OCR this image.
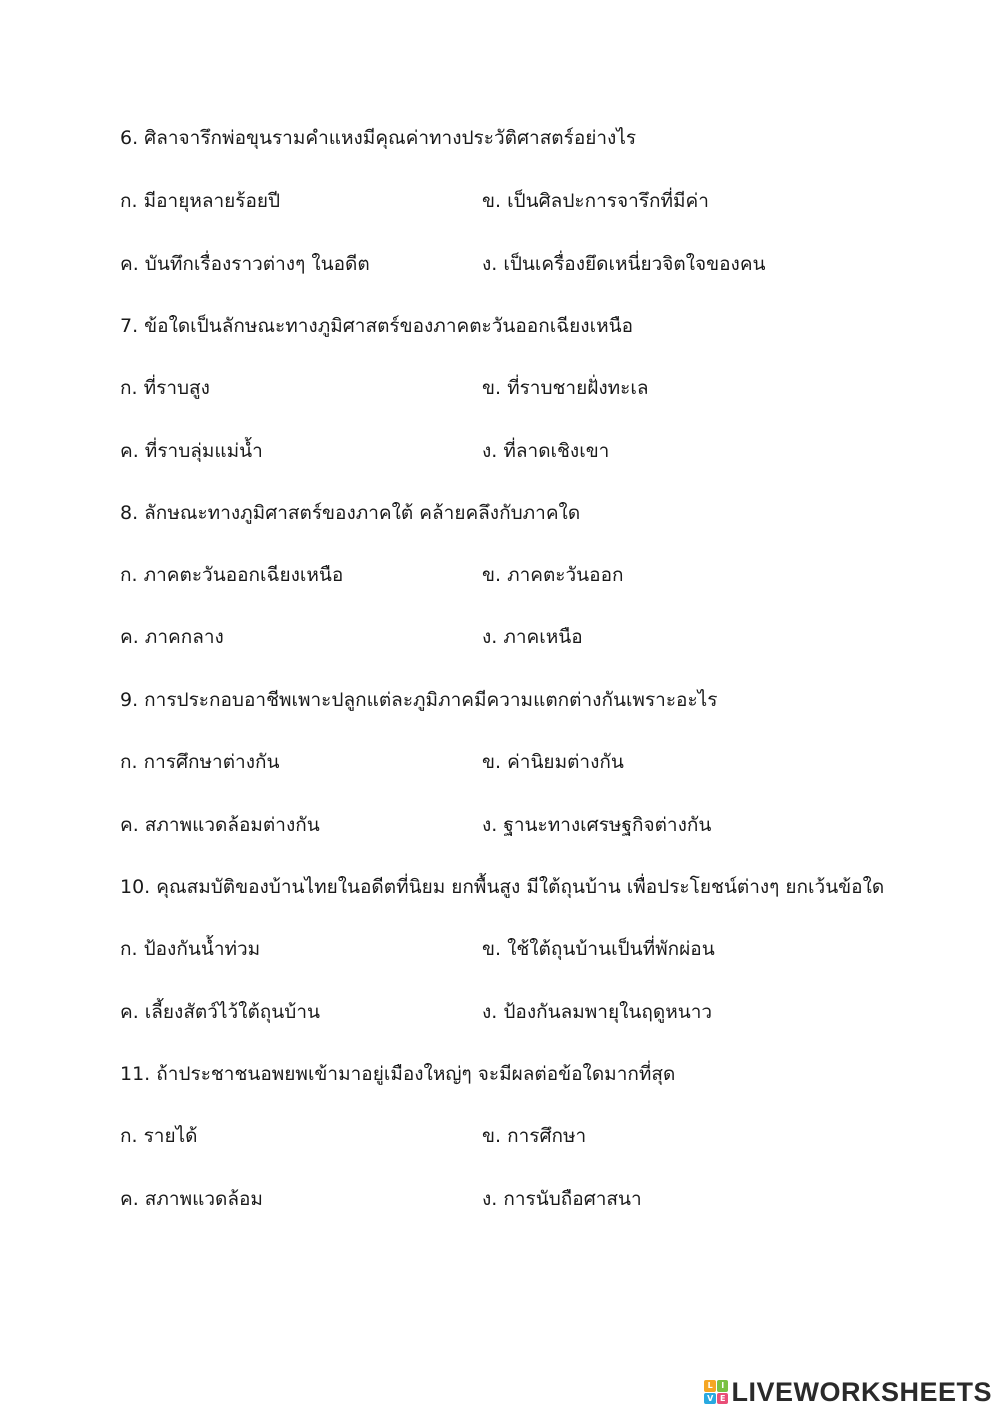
6. ศิลาจารึกพ่อขุนรามคำแหงมีคุณค่าทางประวัติศาสตร์อย่างไร
ก. มีอายุหลายร้อยปี	ข. เป็นศิลปะการจารึกที่มีค่า
ค. บันทึกเรื่องราวต่างๆ ในอดีต	ง. เป็นเครื่องยึดเหนี่ยวจิตใจของคน
7. ข้อใดเป็นลักษณะทางภูมิศาสตร์ของภาคตะวันออกเฉียงเหนือ
ก. ที่ราบสูง	ข. ที่ราบชายฝั่งทะเล
ค. ที่ราบลุ่มแม่น้ำ	ง. ที่ลาดเชิงเขา
8. ลักษณะทางภูมิศาสตร์ของภาคใต้ คล้ายคลึงกับภาคใด
ก. ภาคตะวันออกเฉียงเหนือ	ข. ภาคตะวันออก
ค. ภาคกลาง	ง. ภาคเหนือ
9. การประกอบอาชีพเพาะปลูกแต่ละภูมิภาคมีความแตกต่างกันเพราะอะไร
ก. การศึกษาต่างกัน	ข. ค่านิยมต่างกัน
ค. สภาพแวดล้อมต่างกัน	ง. ฐานะทางเศรษฐกิจต่างกัน
10. คุณสมบัติของบ้านไทยในอดีตที่นิยม ยกพื้นสูง มีใต้ถุนบ้าน เพื่อประโยชน์ต่างๆ ยกเว้นข้อใด
ก. ป้องกันน้ำท่วม	ข. ใช้ใต้ถุนบ้านเป็นที่พักผ่อน
ค. เลี้ยงสัตว์ไว้ใต้ถุนบ้าน	ง. ป้องกันลมพายุในฤดูหนาว
11. ถ้าประชาชนอพยพเข้ามาอยู่เมืองใหญ่ๆ จะมีผลต่อข้อใดมากที่สุด
ก. รายได้	ข. การศึกษา
ค. สภาพแวดล้อม	ง. การนับถือศาสนา
L	I
V E LIVEWORKSHEETS
